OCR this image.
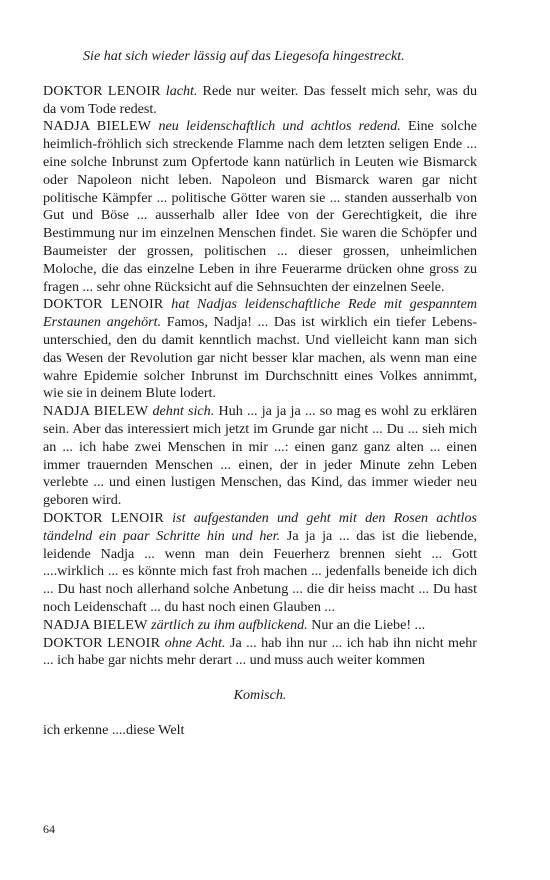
Sie hat sich wieder lässig auf das Liegesofa hingestreckt.

DOKTOR LENOIR lacht. Rede nur weiter. Das fesselt mich sehr, was du da vom Tode redest.

NADJA BIELEW neu leidenschaftlich und achtlos redend. Eine solche heimlich-fröhlich sich streckende Flamme nach dem letzten seligen Ende ... eine solche Inbrunst zum Opfertode kann natürlich in Leuten wie Bismarck oder Napoleon nicht leben. Napoleon und Bismarck waren gar nicht politische Kämpfer ... politische Götter waren sie ... standen ausserhalb von Gut und Böse ... ausserhalb aller Idee von der Gerechtigkeit, die ihre Bestimmung nur im einzelnen Menschen findet. Sie waren die Schöpfer und Baumeister der grossen, politischen ... dieser grossen, unheimlichen Moloche, die das einzelne Leben in ihre Feuerarme drücken ohne gross zu fragen ... sehr ohne Rücksicht auf die Sehnsuchten der einzelnen Seele.

DOKTOR LENOIR hat Nadjas leidenschaftliche Rede mit gespanntem Erstaunen angehört. Famos, Nadja! ... Das ist wirklich ein tiefer Lebensunterschied, den du damit kenntlich machst. Und vielleicht kann man sich das Wesen der Revolution gar nicht besser klar machen, als wenn man eine wahre Epidemie solcher Inbrunst im Durchschnitt eines Volkes annimmt, wie sie in deinem Blute lodert.

NADJA BIELEW dehnt sich. Huh ... ja ja ja ... so mag es wohl zu erklären sein. Aber das interessiert mich jetzt im Grunde gar nicht ... Du ... sieh mich an ... ich habe zwei Menschen in mir ...: einen ganz ganz alten ... einen immer trauernden Menschen ... einen, der in jeder Minute zehn Leben verlebte ... und einen lustigen Menschen, das Kind, das immer wieder neu geboren wird.

DOKTOR LENOIR ist aufgestanden und geht mit den Rosen achtlos tändelnd ein paar Schritte hin und her. Ja ja ja ... das ist die liebende, leidende Nadja ... wenn man dein Feuerherz brennen sieht ... Gott ....wirklich ... es könnte mich fast froh machen ... jedenfalls beneide ich dich ... Du hast noch allerhand solche Anbetung ... die dir heiss macht ... Du hast noch Leidenschaft ... du hast noch einen Glauben ...

NADJA BIELEW zärtlich zu ihm aufblickend. Nur an die Liebe! ...

DOKTOR LENOIR ohne Acht. Ja ... hab ihn nur ... ich hab ihn nicht mehr ... ich habe gar nichts mehr derart ... und muss auch weiter kommen

Komisch.

ich erkenne ....diese Welt

64
